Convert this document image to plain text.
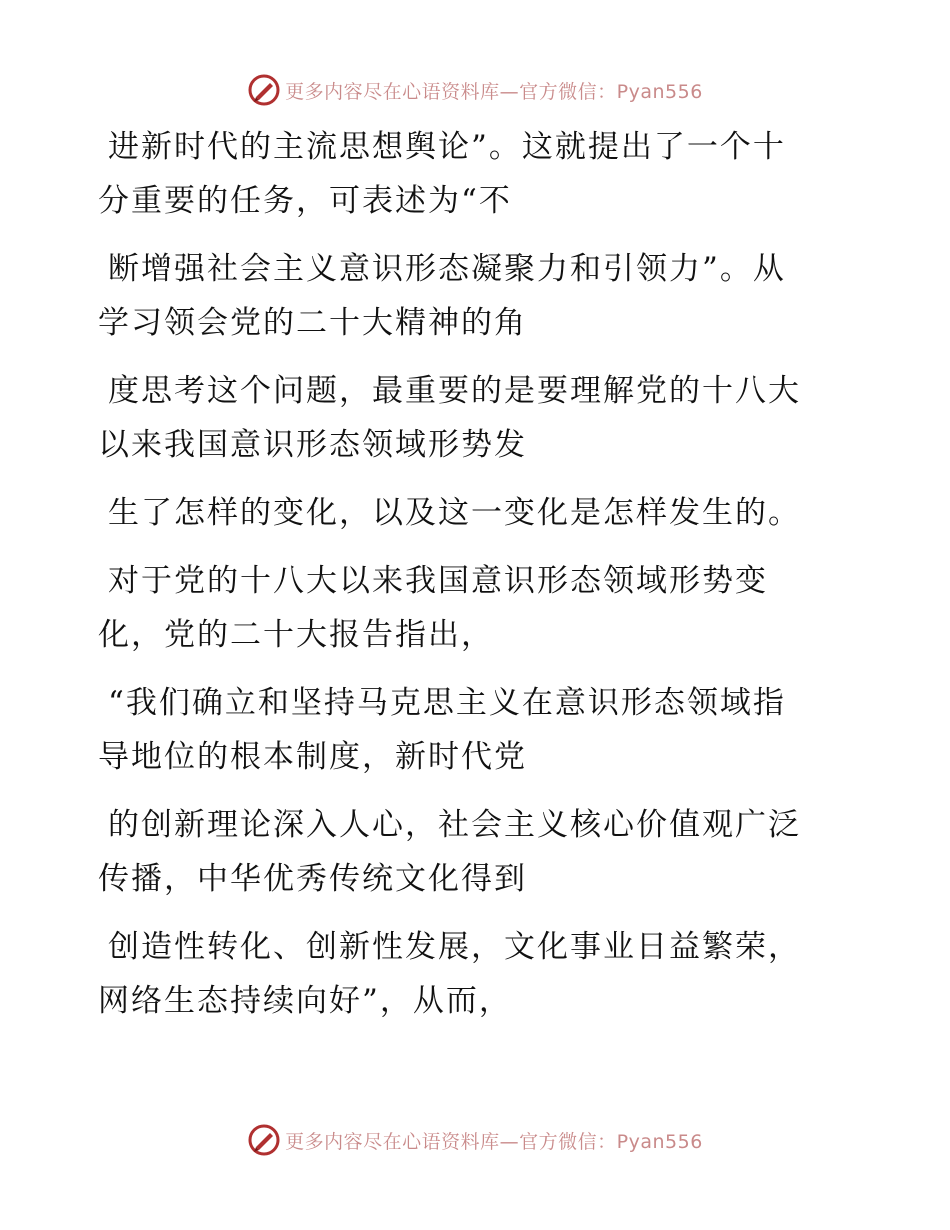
更多内容尽在心语资料库—官方微信：Pyan556
进新时代的主流思想舆论”。这就提出了一个十
分重要的任务，可表述为“不
断增强社会主义意识形态凝聚力和引领力”。从
学习领会党的二十大精神的角
度思考这个问题，最重要的是要理解党的十八大
以来我国意识形态领域形势发
生了怎样的变化，以及这一变化是怎样发生的。
对于党的十八大以来我国意识形态领域形势变
化，党的二十大报告指出，
“我们确立和坚持马克思主义在意识形态领域指
导地位的根本制度，新时代党
的创新理论深入人心，社会主义核心价值观广泛
传播，中华优秀传统文化得到
创造性转化、创新性发展，文化事业日益繁荣，
网络生态持续向好”，从而，
更多内容尽在心语资料库—官方微信：Pyan556
